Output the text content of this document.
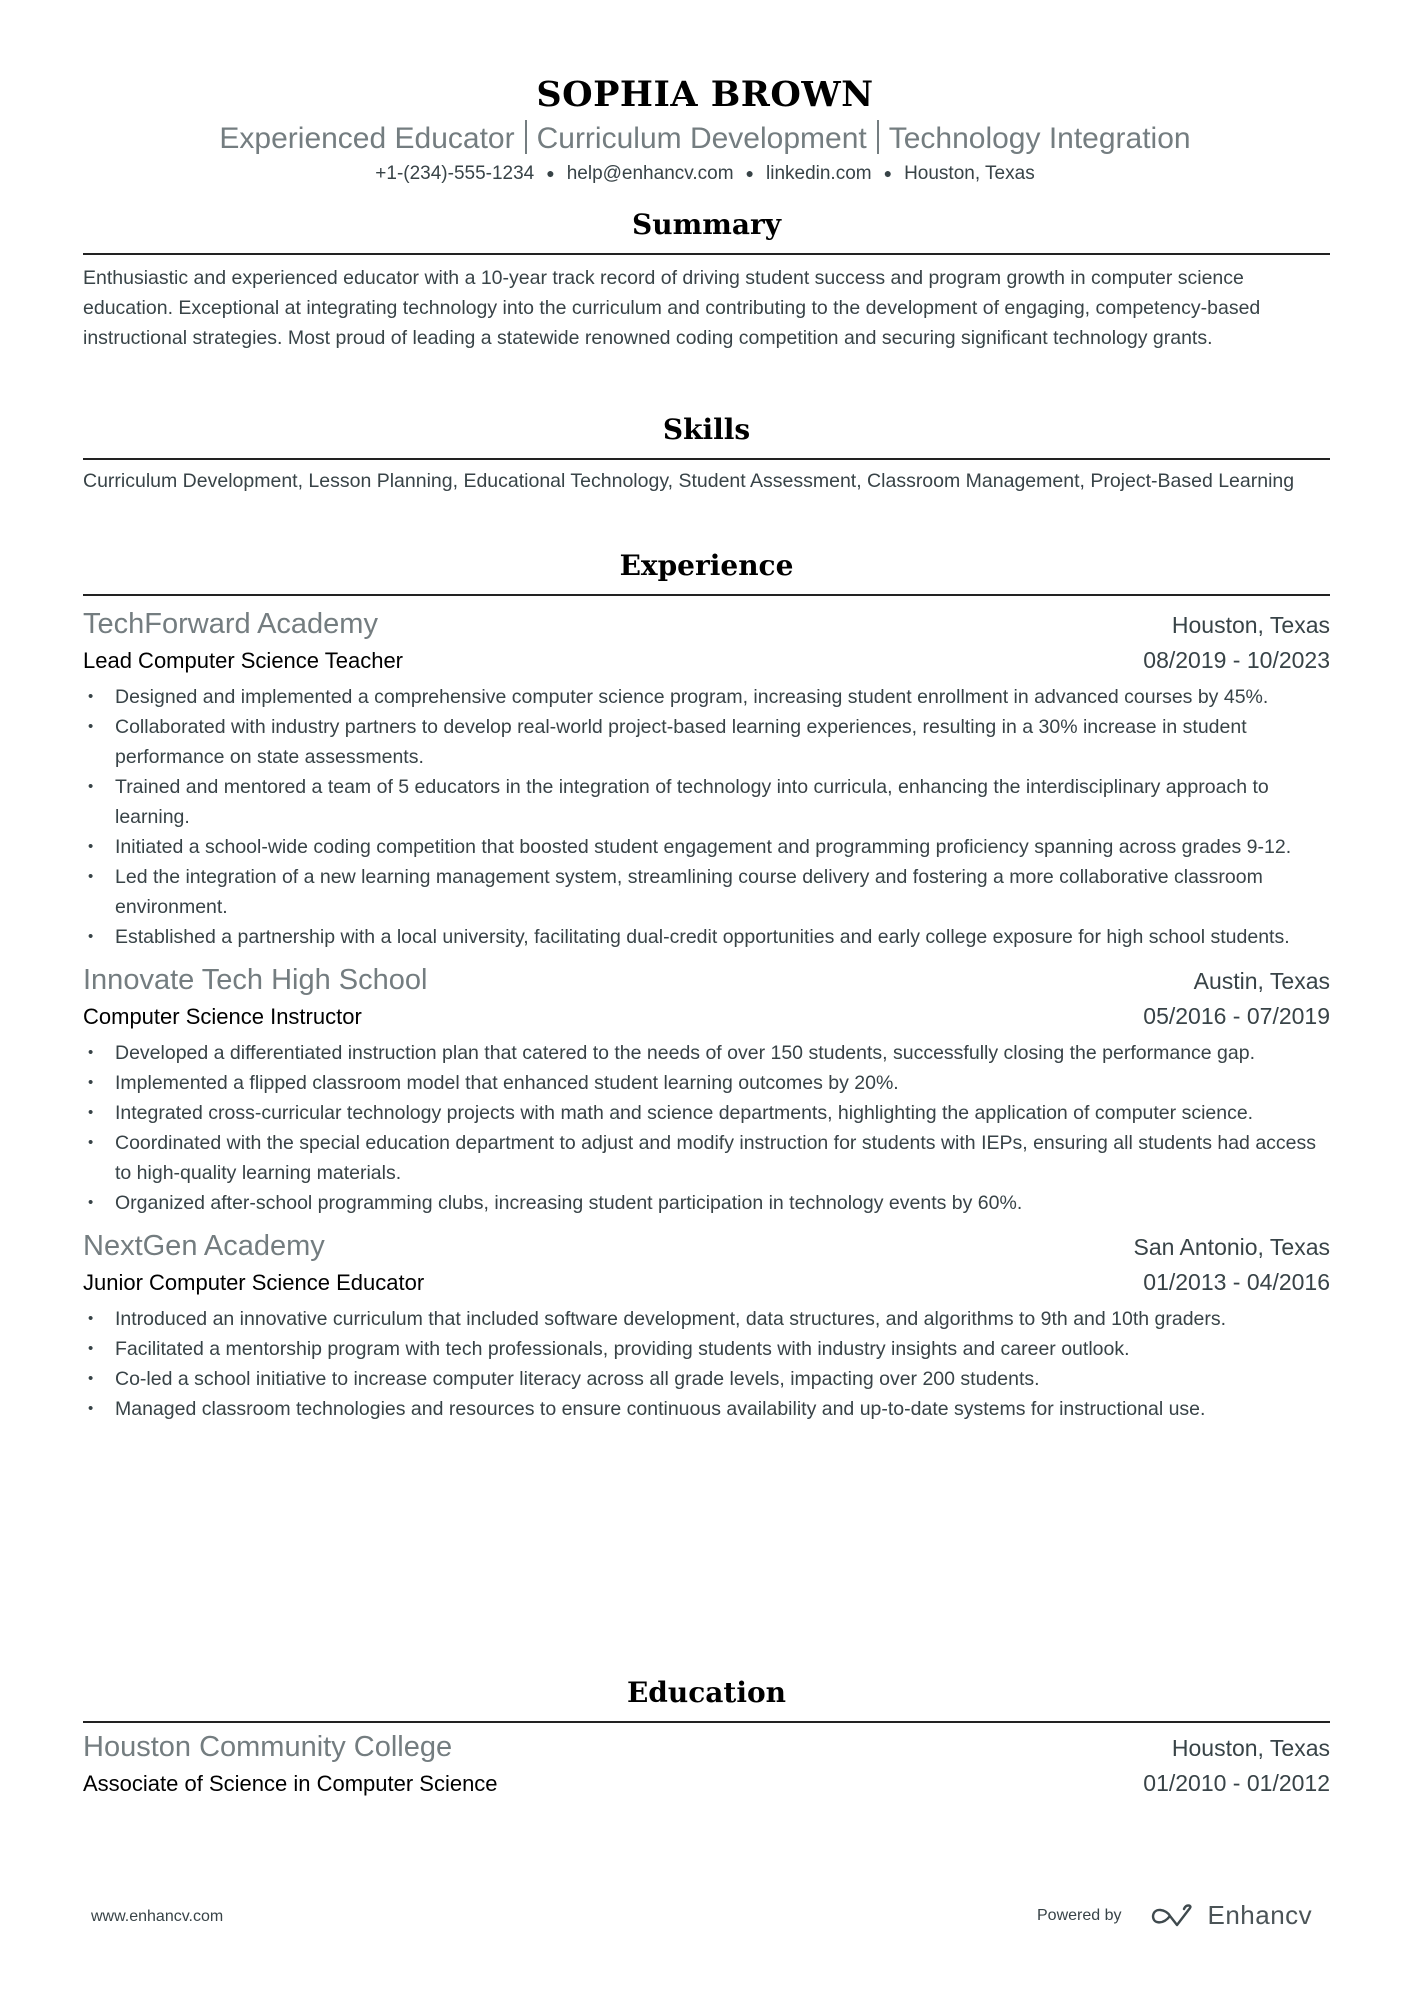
SOPHIA BROWN
Experienced Educator Curriculum Development Technology Integration
+1-(234)-555-1234 ● help@enhancv.com ● linkedin.com ● Houston, Texas
Summary
Enthusiastic and experienced educator with a 10-year track record of driving student success and program growth in computer science education. Exceptional at integrating technology into the curriculum and contributing to the development of engaging, competency-based instructional strategies. Most proud of leading a statewide renowned coding competition and securing significant technology grants.
Skills
Curriculum Development, Lesson Planning, Educational Technology, Student Assessment, Classroom Management, Project-Based Learning
Experience
TechForward Academy	Houston, Texas
Lead Computer Science Teacher	08/2019 - 10/2023
• Designed and implemented a comprehensive computer science program, increasing student enrollment in advanced courses by 45%.
• Collaborated with industry partners to develop real-world project-based learning experiences, resulting in a 30% increase in student performance on state assessments.
• Trained and mentored a team of 5 educators in the integration of technology into curricula, enhancing the interdisciplinary approach to learning.
• Initiated a school-wide coding competition that boosted student engagement and programming proficiency spanning across grades 9-12.
• Led the integration of a new learning management system, streamlining course delivery and fostering a more collaborative classroom environment.
• Established a partnership with a local university, facilitating dual-credit opportunities and early college exposure for high school students.
Innovate Tech High School	Austin, Texas
Computer Science Instructor	05/2016 - 07/2019
• Developed a differentiated instruction plan that catered to the needs of over 150 students, successfully closing the performance gap.
• Implemented a flipped classroom model that enhanced student learning outcomes by 20%.
• Integrated cross-curricular technology projects with math and science departments, highlighting the application of computer science.
• Coordinated with the special education department to adjust and modify instruction for students with IEPs, ensuring all students had access to high-quality learning materials.
• Organized after-school programming clubs, increasing student participation in technology events by 60%.
NextGen Academy	San Antonio, Texas
Junior Computer Science Educator	01/2013 - 04/2016
• Introduced an innovative curriculum that included software development, data structures, and algorithms to 9th and 10th graders.
• Facilitated a mentorship program with tech professionals, providing students with industry insights and career outlook.
• Co-led a school initiative to increase computer literacy across all grade levels, impacting over 200 students.
• Managed classroom technologies and resources to ensure continuous availability and up-to-date systems for instructional use.
Education
Houston Community College	Houston, Texas
Associate of Science in Computer Science	01/2010 - 01/2012
www.enhancv.com	Powered by	Enhancv
